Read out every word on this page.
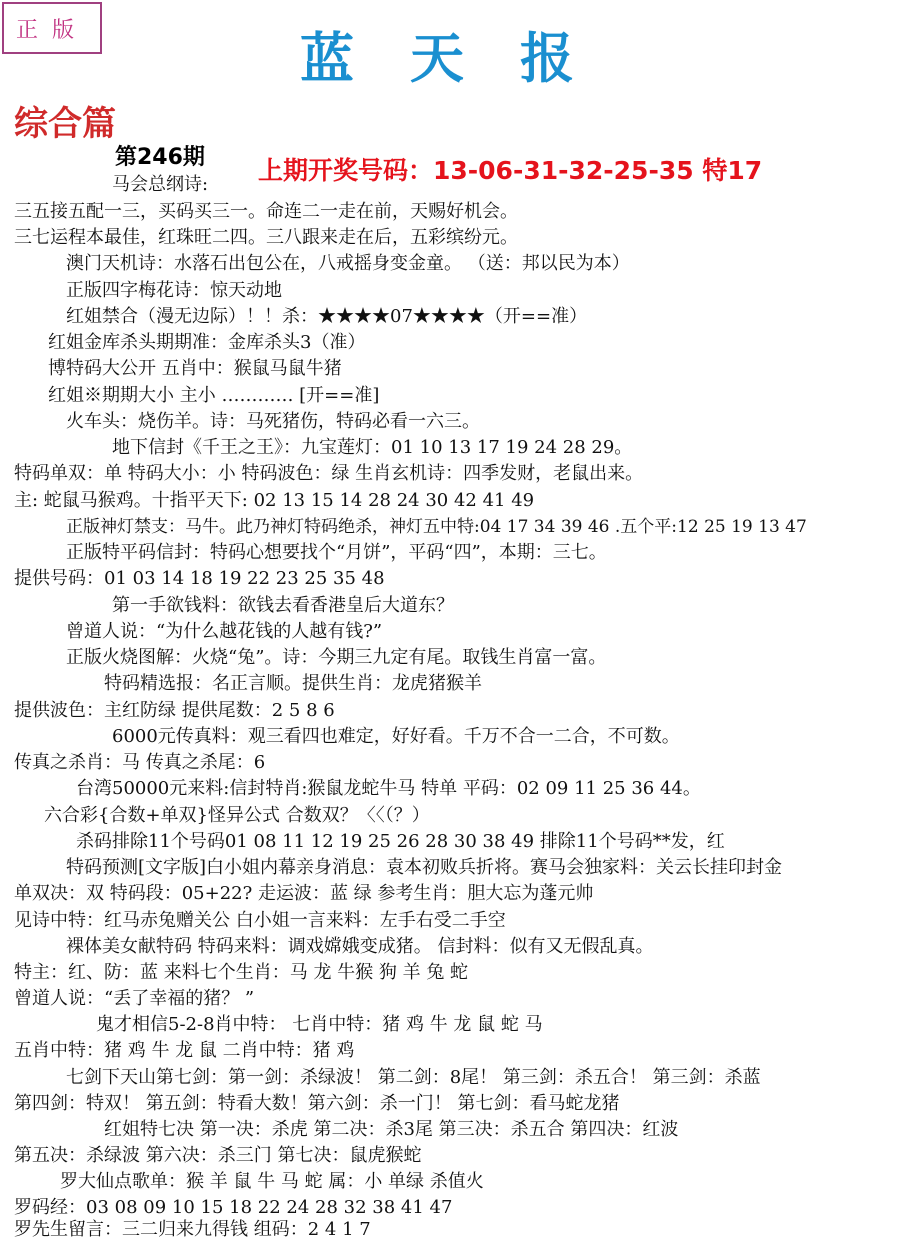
正版	蓝天报
综合篇
第246期 上期开奖号码：13-06-31-32-25-35 特17
马会总纲诗:
三五接五配一三，买码买三一。命连二一走在前，天赐好机会。
三七运程本最佳，红珠旺二四。三八跟来走在后，五彩缤纷元。
澳门天机诗：水落石出包公在，八戒摇身变金童。 （送：邦以民为本）
正版四字梅花诗：惊天动地
红姐禁合（漫无边际）！！杀：★★★★07★★★★（开==准）
红姐金库杀头期期准：金库杀头3（准）
博特码大公开 五肖中：猴鼠马鼠牛猪
红姐※期期大小 主小 ………… [开==准]
火车头：烧伤羊。诗：马死猪伤，特码必看一六三。
地下信封《千王之王》：九宝莲灯：01 10 13 17 19 24 28 29。
特码单双：单 特码大小：小 特码波色：绿 生肖玄机诗：四季发财，老鼠出来。
主: 蛇鼠马猴鸡。十指平天下: 02 13 15 14 28 24 30 42 41 49
正版神灯禁支：马牛。此乃神灯特码绝杀，神灯五中特:04 17 34 39 46 .五个平:12 25 19 13 47
正版特平码信封：特码心想要找个“月饼”，平码“四”，本期：三七。
提供号码：01 03 14 18 19 22 23 25 35 48
第一手欲钱料：欲钱去看香港皇后大道东？
曾道人说：“为什么越花钱的人越有钱?”
正版火烧图解：火烧“兔”。诗：今期三九定有尾。取钱生肖富一富。
特码精选报：名正言顺。提供生肖：龙虎猪猴羊
提供波色：主红防绿 提供尾数：2 5 8 6
6000元传真料：观三看四也难定，好好看。千万不合一二合，不可数。
传真之杀肖：马 传真之杀尾：6
台湾50000元来料:信封特肖:猴鼠龙蛇牛马 特单 平码：02 09 11 25 36 44。
六合彩{合数+单双}怪异公式 合数双？〈〈（？）
杀码排除11个号码01 08 11 12 19 25 26 28 30 38 49 排除11个号码**发，红
特码预测[文字版]白小姐内幕亲身消息：袁本初败兵折将。赛马会独家料：关云长挂印封金
单双决：双 特码段：05+22? 走运波：蓝 绿 参考生肖：胆大忘为蓬元帅
见诗中特：红马赤兔赠关公 白小姐一言来料：左手右受二手空
裸体美女献特码 特码来料：调戏嫦娥变成猪。 信封料：似有又无假乱真。
特主：红、防：蓝 来料七个生肖：马 龙 牛猴 狗 羊 兔 蛇
曾道人说：“丢了幸福的猪？ ”
鬼才相信5-2-8肖中特： 七肖中特：猪 鸡 牛 龙 鼠 蛇 马
五肖中特：猪 鸡 牛 龙 鼠 二肖中特：猪 鸡
七剑下天山第七剑：第一剑：杀绿波！ 第二剑：8尾！ 第三剑：杀五合！ 第三剑：杀蓝
第四剑：特双！ 第五剑：特看大数！第六剑：杀一门！ 第七剑：看马蛇龙猪
红姐特七决 第一决：杀虎 第二决：杀3尾 第三决：杀五合 第四决：红波
第五决：杀绿波 第六决：杀三门 第七决：鼠虎猴蛇
罗大仙点歌单：猴 羊 鼠 牛 马 蛇 属：小 单绿 杀值火
罗码经：03 08 09 10 15 18 22 24 28 32 38 41 47
罗先生留言：三二归来九得钱 组码：2 4 1 7
